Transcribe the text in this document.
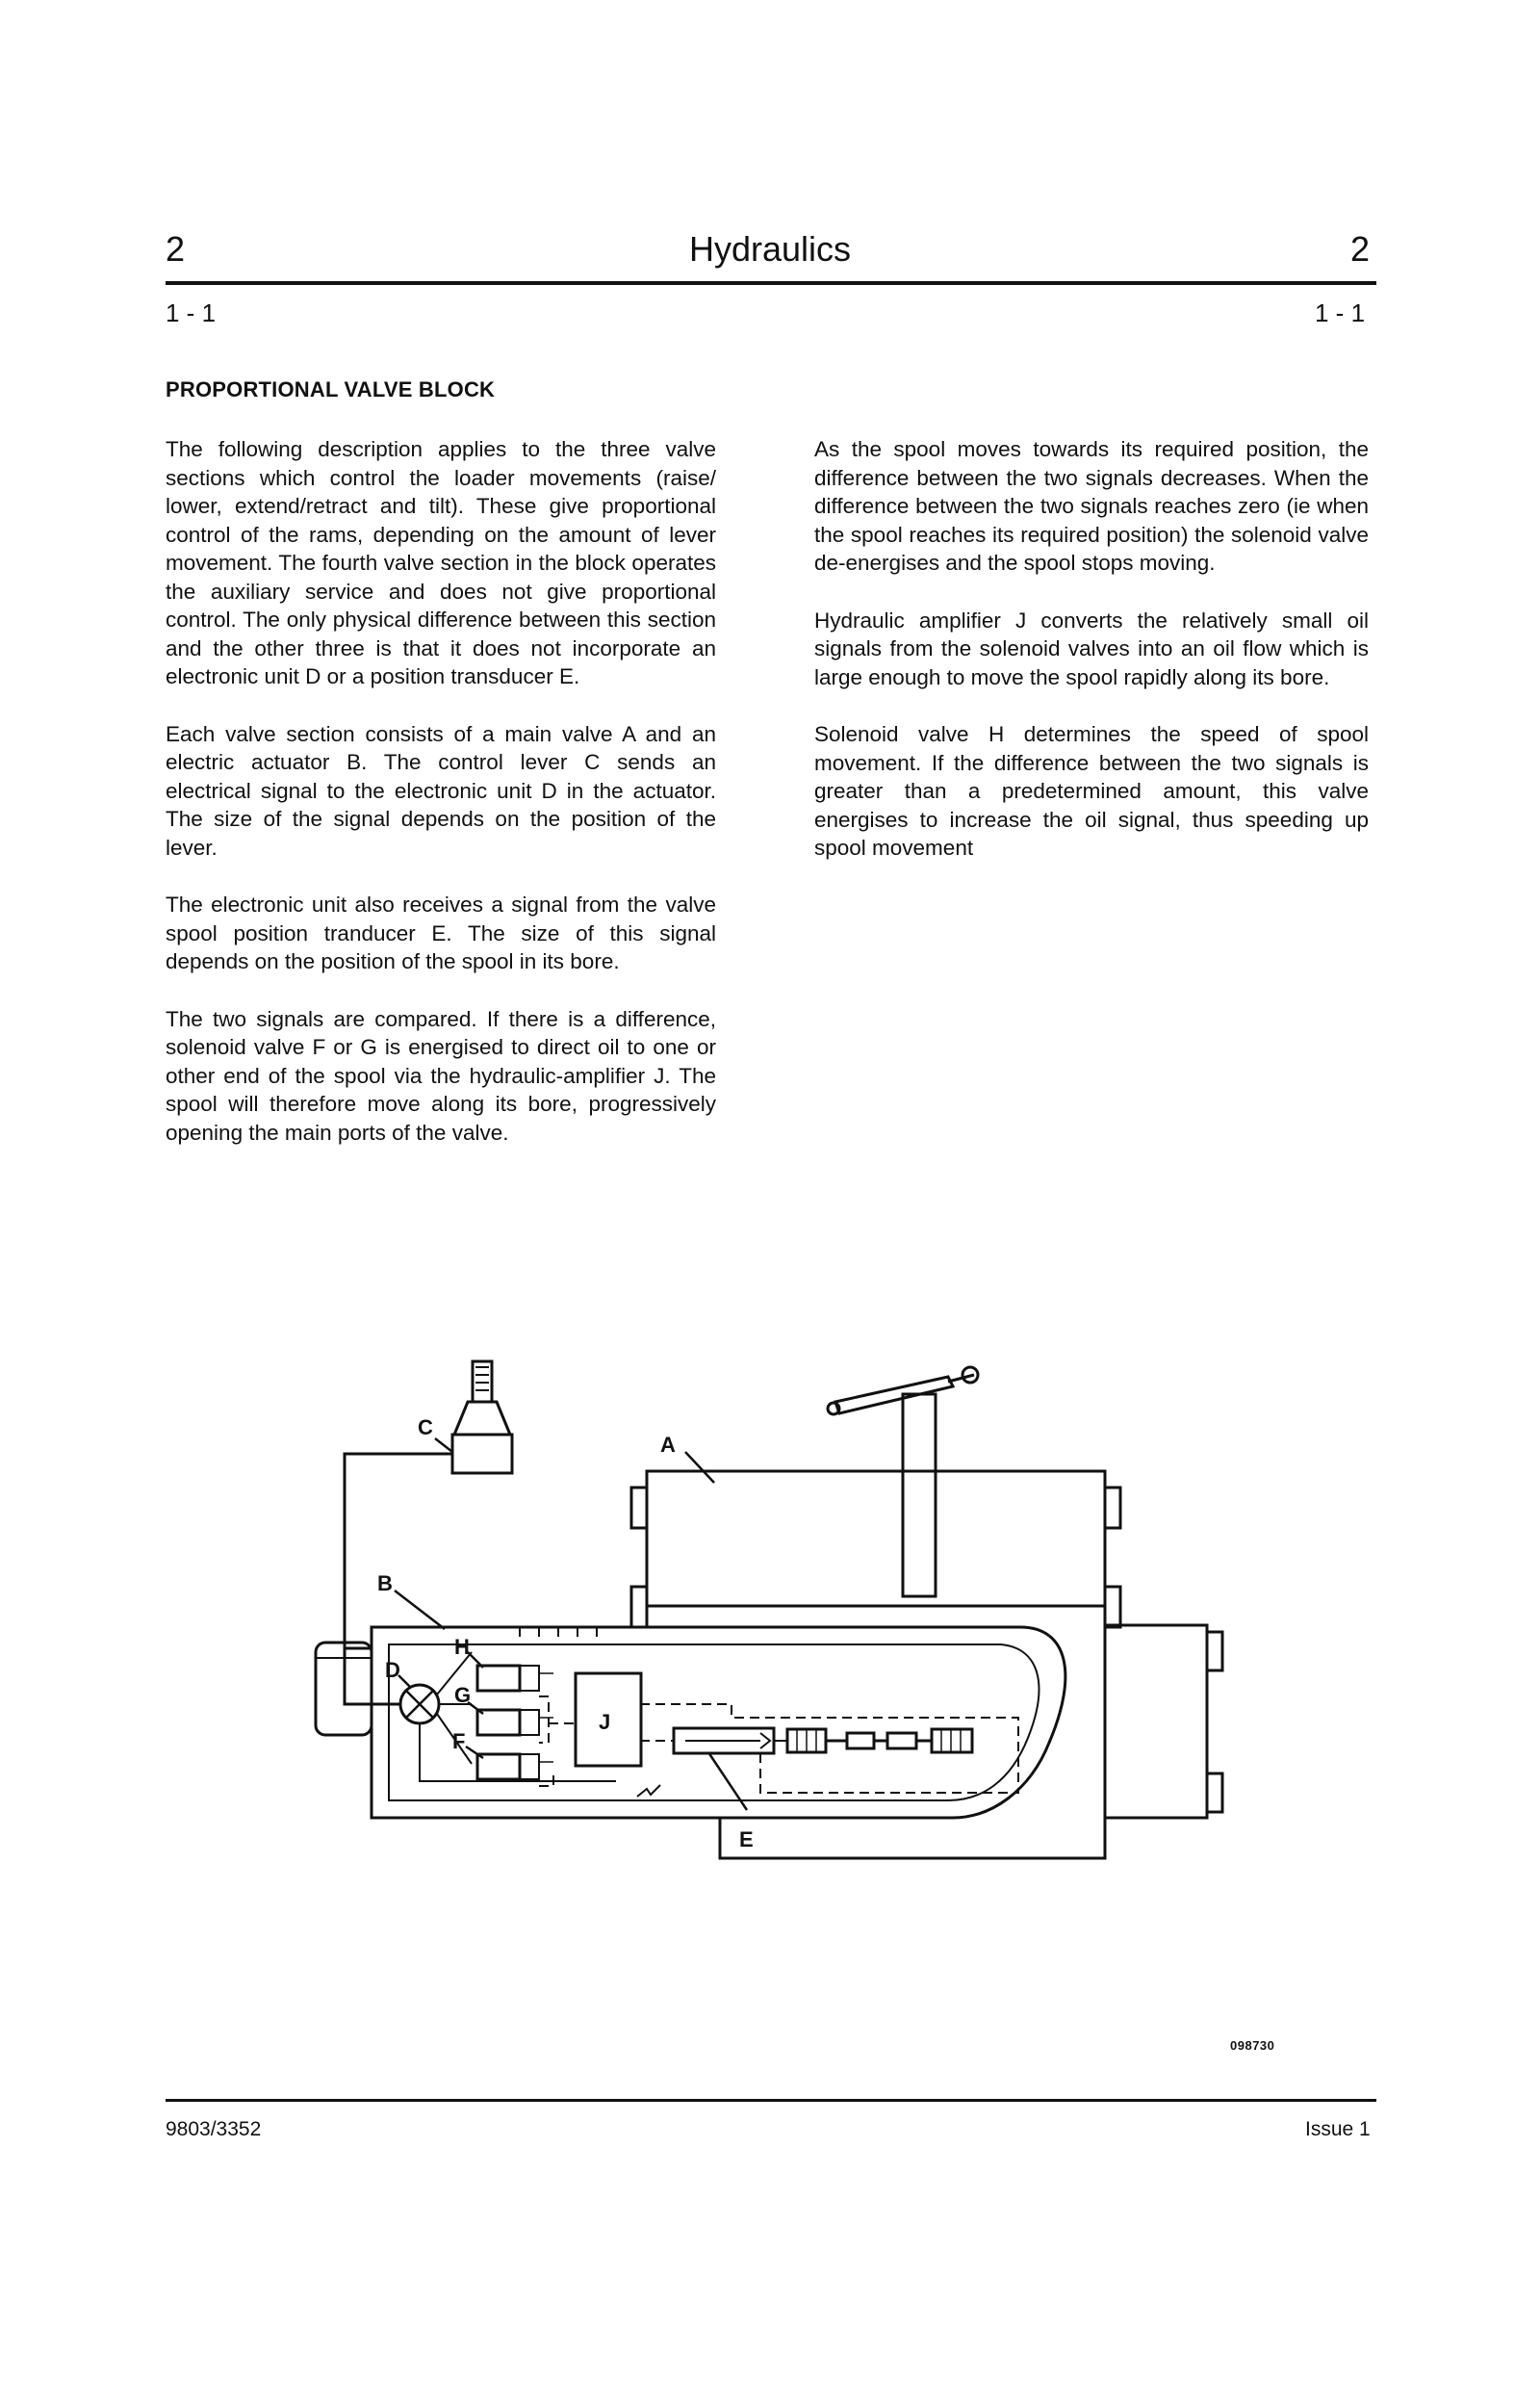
2	Hydraulics	2
1 - 1	1 - 1
PROPORTIONAL VALVE BLOCK

The following description applies to the three valve sections which control the loader movements (raise/ lower, extend/retract and tilt). These give proportional control of the rams, depending on the amount of lever movement. The fourth valve section in the block operates the auxiliary service and does not give proportional control. The only physical difference between this section and the other three is that it does not incorporate an electronic unit D or a position transducer E.

Each valve section consists of a main valve A and an electric actuator B. The control lever C sends an electrical signal to the electronic unit D in the actuator. The size of the signal depends on the position of the lever.

The electronic unit also receives a signal from the valve spool position tranducer E. The size of this signal depends on the position of the spool in its bore.

The two signals are compared. If there is a difference, solenoid valve F or G is energised to direct oil to one or other end of the spool via the hydraulic-amplifier J. The spool will therefore move along its bore, progressively opening the main ports of the valve.

As the spool moves towards its required position, the difference between the two signals decreases. When the difference between the two signals reaches zero (ie when the spool reaches its required position) the solenoid valve de-energises and the spool stops moving.

Hydraulic amplifier J converts the relatively small oil signals from the solenoid valves into an oil flow which is large enough to move the spool rapidly along its bore.

Solenoid valve H determines the speed of spool movement. If the difference between the two signals is greater than a predetermined amount, this valve energises to increase the oil signal, thus speeding up spool movement

C
A
B
H
D
G
F
J
E
098730
9803/3352	Issue 1
